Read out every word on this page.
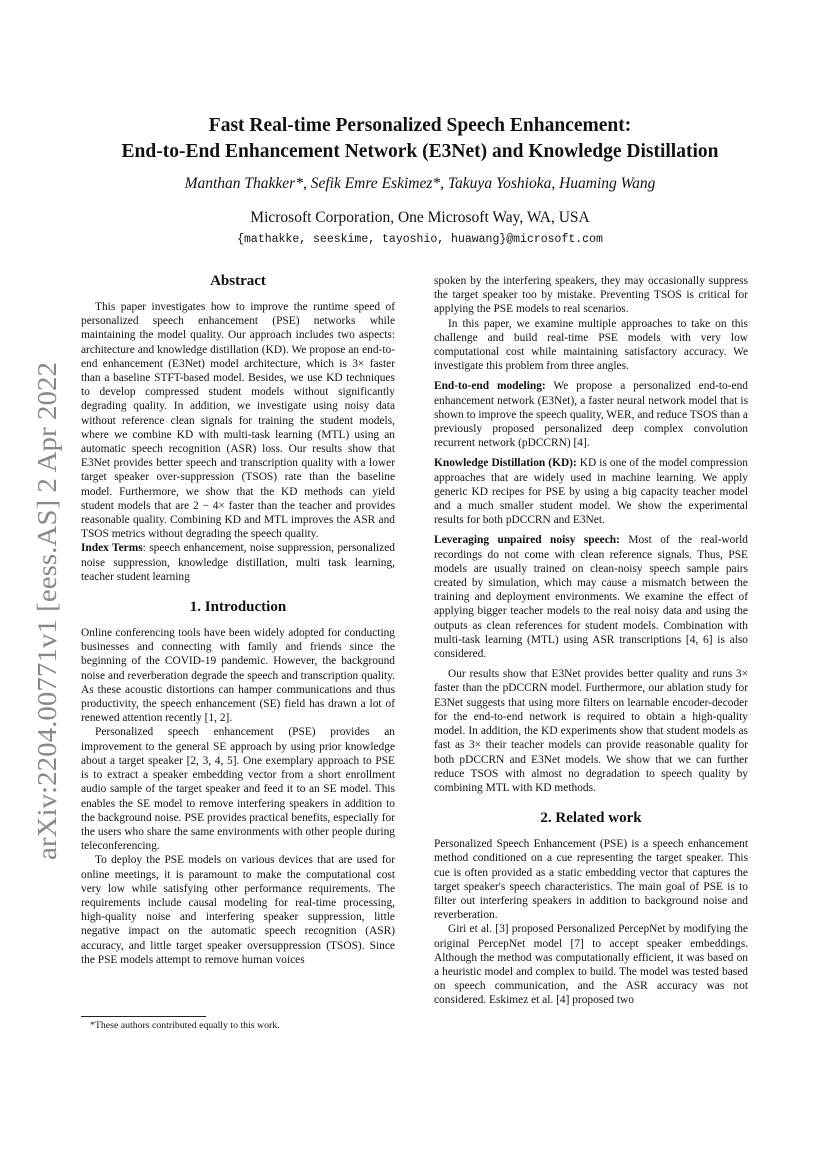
arXiv:2204.00771v1 [eess.AS] 2 Apr 2022
Fast Real-time Personalized Speech Enhancement:
End-to-End Enhancement Network (E3Net) and Knowledge Distillation
Manthan Thakker*, Sefik Emre Eskimez*, Takuya Yoshioka, Huaming Wang
Microsoft Corporation, One Microsoft Way, WA, USA
{mathakke, seeskime, tayoshio, huawang}@microsoft.com
Abstract

This paper investigates how to improve the runtime speed of personalized speech enhancement (PSE) networks while maintaining the model quality. Our approach includes two aspects: architecture and knowledge distillation (KD). We propose an end-to-end enhancement (E3Net) model architecture, which is 3× faster than a baseline STFT-based model. Besides, we use KD techniques to develop compressed student models without significantly degrading quality. In addition, we investigate using noisy data without reference clean signals for training the student models, where we combine KD with multi-task learning (MTL) using an automatic speech recognition (ASR) loss. Our results show that E3Net provides better speech and transcription quality with a lower target speaker over-suppression (TSOS) rate than the baseline model. Furthermore, we show that the KD methods can yield student models that are 2 − 4× faster than the teacher and provides reasonable quality. Combining KD and MTL improves the ASR and TSOS metrics without degrading the speech quality.

Index Terms: speech enhancement, noise suppression, personalized noise suppression, knowledge distillation, multi task learning, teacher student learning

1. Introduction

Online conferencing tools have been widely adopted for conducting businesses and connecting with family and friends since the beginning of the COVID-19 pandemic. However, the background noise and reverberation degrade the speech and transcription quality. As these acoustic distortions can hamper communications and thus productivity, the speech enhancement (SE) field has drawn a lot of renewed attention recently [1, 2].

Personalized speech enhancement (PSE) provides an improvement to the general SE approach by using prior knowledge about a target speaker [2, 3, 4, 5]. One exemplary approach to PSE is to extract a speaker embedding vector from a short enrollment audio sample of the target speaker and feed it to an SE model. This enables the SE model to remove interfering speakers in addition to the background noise. PSE provides practical benefits, especially for the users who share the same environments with other people during teleconferencing.

To deploy the PSE models on various devices that are used for online meetings, it is paramount to make the computational cost very low while satisfying other performance requirements. The requirements include causal modeling for real-time processing, high-quality noise and interfering speaker suppression, little negative impact on the automatic speech recognition (ASR) accuracy, and little target speaker oversuppression (TSOS). Since the PSE models attempt to remove human voices

*These authors contributed equally to this work.

spoken by the interfering speakers, they may occasionally suppress the target speaker too by mistake. Preventing TSOS is critical for applying the PSE models to real scenarios.

In this paper, we examine multiple approaches to take on this challenge and build real-time PSE models with very low computational cost while maintaining satisfactory accuracy. We investigate this problem from three angles.

End-to-end modeling: We propose a personalized end-to-end enhancement network (E3Net), a faster neural network model that is shown to improve the speech quality, WER, and reduce TSOS than a previously proposed personalized deep complex convolution recurrent network (pDCCRN) [4].

Knowledge Distillation (KD): KD is one of the model compression approaches that are widely used in machine learning. We apply generic KD recipes for PSE by using a big capacity teacher model and a much smaller student model. We show the experimental results for both pDCCRN and E3Net.

Leveraging unpaired noisy speech: Most of the real-world recordings do not come with clean reference signals. Thus, PSE models are usually trained on clean-noisy speech sample pairs created by simulation, which may cause a mismatch between the training and deployment environments. We examine the effect of applying bigger teacher models to the real noisy data and using the outputs as clean references for student models. Combination with multi-task learning (MTL) using ASR transcriptions [4, 6] is also considered.

Our results show that E3Net provides better quality and runs 3× faster than the pDCCRN model. Furthermore, our ablation study for E3Net suggests that using more filters on learnable encoder-decoder for the end-to-end network is required to obtain a high-quality model. In addition, the KD experiments show that student models as fast as 3× their teacher models can provide reasonable quality for both pDCCRN and E3Net models. We show that we can further reduce TSOS with almost no degradation to speech quality by combining MTL with KD methods.

2. Related work

Personalized Speech Enhancement (PSE) is a speech enhancement method conditioned on a cue representing the target speaker. This cue is often provided as a static embedding vector that captures the target speaker's speech characteristics. The main goal of PSE is to filter out interfering speakers in addition to background noise and reverberation.

Giri et al. [3] proposed Personalized PercepNet by modifying the original PercepNet model [7] to accept speaker embeddings. Although the method was computationally efficient, it was based on a heuristic model and complex to build. The model was tested based on speech communication, and the ASR accuracy was not considered. Eskimez et al. [4] proposed two
